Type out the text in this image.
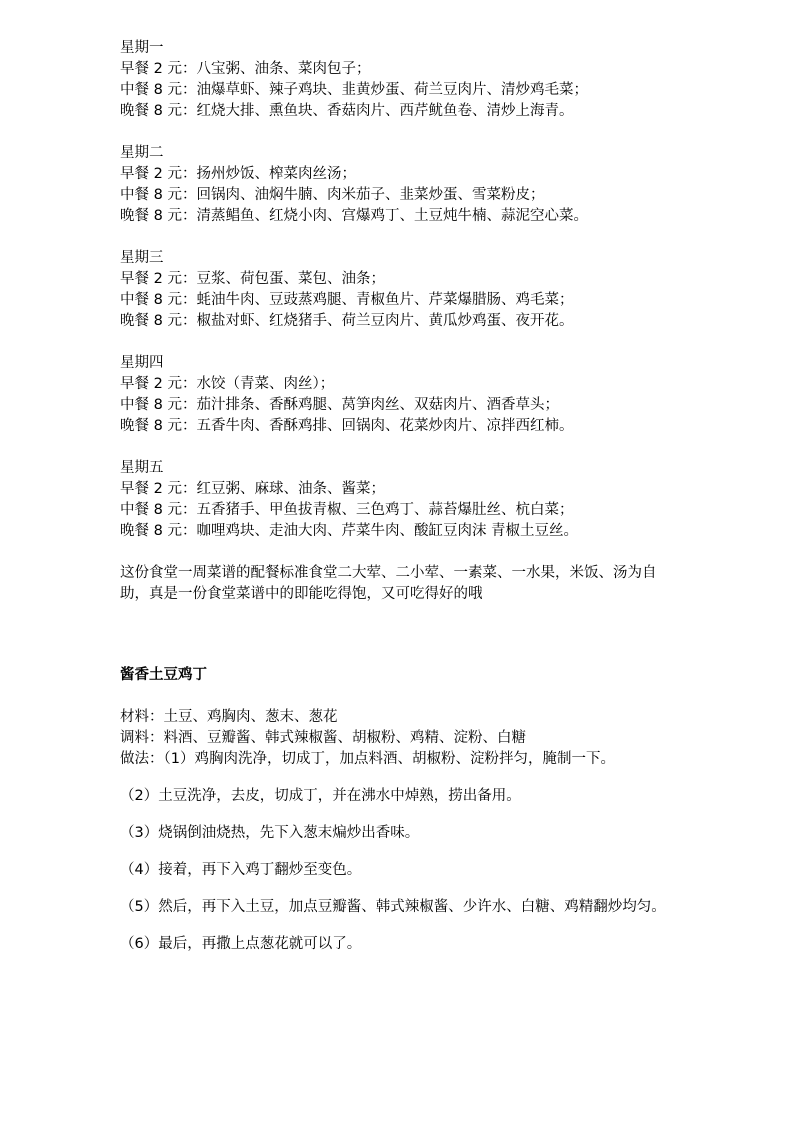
星期一
早餐 2 元：八宝粥、油条、菜肉包子；
中餐 8 元：油爆草虾、辣子鸡块、韭黄炒蛋、荷兰豆肉片、清炒鸡毛菜；
晚餐 8 元：红烧大排、熏鱼块、香菇肉片、西芹鱿鱼卷、清炒上海青。
星期二
早餐 2 元：扬州炒饭、榨菜肉丝汤；
中餐 8 元：回锅肉、油焖牛腩、肉米茄子、韭菜炒蛋、雪菜粉皮；
晚餐 8 元：清蒸鲳鱼、红烧小肉、宫爆鸡丁、土豆炖牛楠、蒜泥空心菜。
星期三
早餐 2 元：豆浆、荷包蛋、菜包、油条；
中餐 8 元：蚝油牛肉、豆豉蒸鸡腿、青椒鱼片、芹菜爆腊肠、鸡毛菜；
晚餐 8 元：椒盐对虾、红烧猪手、荷兰豆肉片、黄瓜炒鸡蛋、夜开花。
星期四
早餐 2 元：水饺（青菜、肉丝）；
中餐 8 元：茄汁排条、香酥鸡腿、莴笋肉丝、双菇肉片、酒香草头；
晚餐 8 元：五香牛肉、香酥鸡排、回锅肉、花菜炒肉片、凉拌西红柿。
星期五
早餐 2 元：红豆粥、麻球、油条、酱菜；
中餐 8 元：五香猪手、甲鱼拔青椒、三色鸡丁、蒜苔爆肚丝、杭白菜；
晚餐 8 元：咖哩鸡块、走油大肉、芹菜牛肉、酸缸豆肉沫 青椒土豆丝。

这份食堂一周菜谱的配餐标准食堂二大荤、二小荤、一素菜、一水果，米饭、汤为自助，真是一份食堂菜谱中的即能吃得饱，又可吃得好的哦

酱香土豆鸡丁
材料：土豆、鸡胸肉、葱末、葱花
调料：料酒、豆瓣酱、韩式辣椒酱、胡椒粉、鸡精、淀粉、白糖
做法：（1）鸡胸肉洗净，切成丁，加点料酒、胡椒粉、淀粉拌匀，腌制一下。
（2）土豆洗净，去皮，切成丁，并在沸水中焯熟，捞出备用。
（3）烧锅倒油烧热，先下入葱末煸炒出香味。
（4）接着，再下入鸡丁翻炒至变色。
（5）然后，再下入土豆，加点豆瓣酱、韩式辣椒酱、少许水、白糖、鸡精翻炒均匀。
（6）最后，再撒上点葱花就可以了。
